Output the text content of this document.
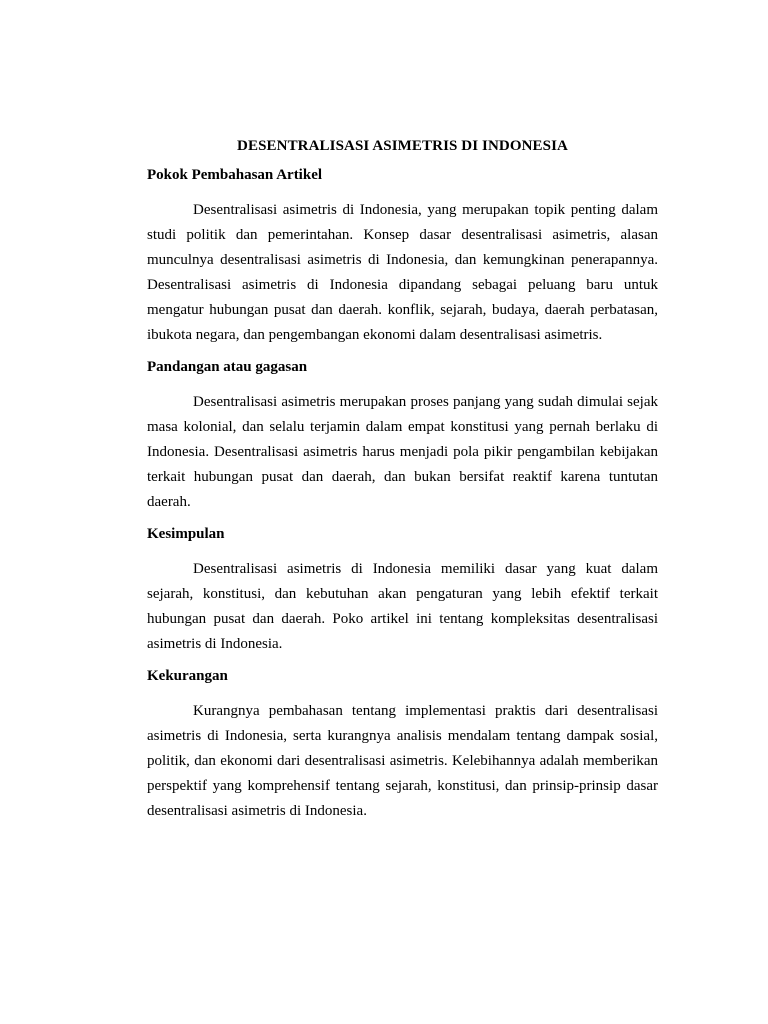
DESENTRALISASI ASIMETRIS DI INDONESIA
Pokok Pembahasan Artikel

Desentralisasi asimetris di Indonesia, yang merupakan topik penting dalam studi politik dan pemerintahan. Konsep dasar desentralisasi asimetris, alasan munculnya desentralisasi asimetris di Indonesia, dan kemungkinan penerapannya. Desentralisasi asimetris di Indonesia dipandang sebagai peluang baru untuk mengatur hubungan pusat dan daerah. konflik, sejarah, budaya, daerah perbatasan, ibukota negara, dan pengembangan ekonomi dalam desentralisasi asimetris.

Pandangan atau gagasan

Desentralisasi asimetris merupakan proses panjang yang sudah dimulai sejak masa kolonial, dan selalu terjamin dalam empat konstitusi yang pernah berlaku di Indonesia. Desentralisasi asimetris harus menjadi pola pikir pengambilan kebijakan terkait hubungan pusat dan daerah, dan bukan bersifat reaktif karena tuntutan daerah.

Kesimpulan

Desentralisasi asimetris di Indonesia memiliki dasar yang kuat dalam sejarah, konstitusi, dan kebutuhan akan pengaturan yang lebih efektif terkait hubungan pusat dan daerah. Poko artikel ini tentang kompleksitas desentralisasi asimetris di Indonesia.

Kekurangan

Kurangnya pembahasan tentang implementasi praktis dari desentralisasi asimetris di Indonesia, serta kurangnya analisis mendalam tentang dampak sosial, politik, dan ekonomi dari desentralisasi asimetris. Kelebihannya adalah memberikan perspektif yang komprehensif tentang sejarah, konstitusi, dan prinsip-prinsip dasar desentralisasi asimetris di Indonesia.
